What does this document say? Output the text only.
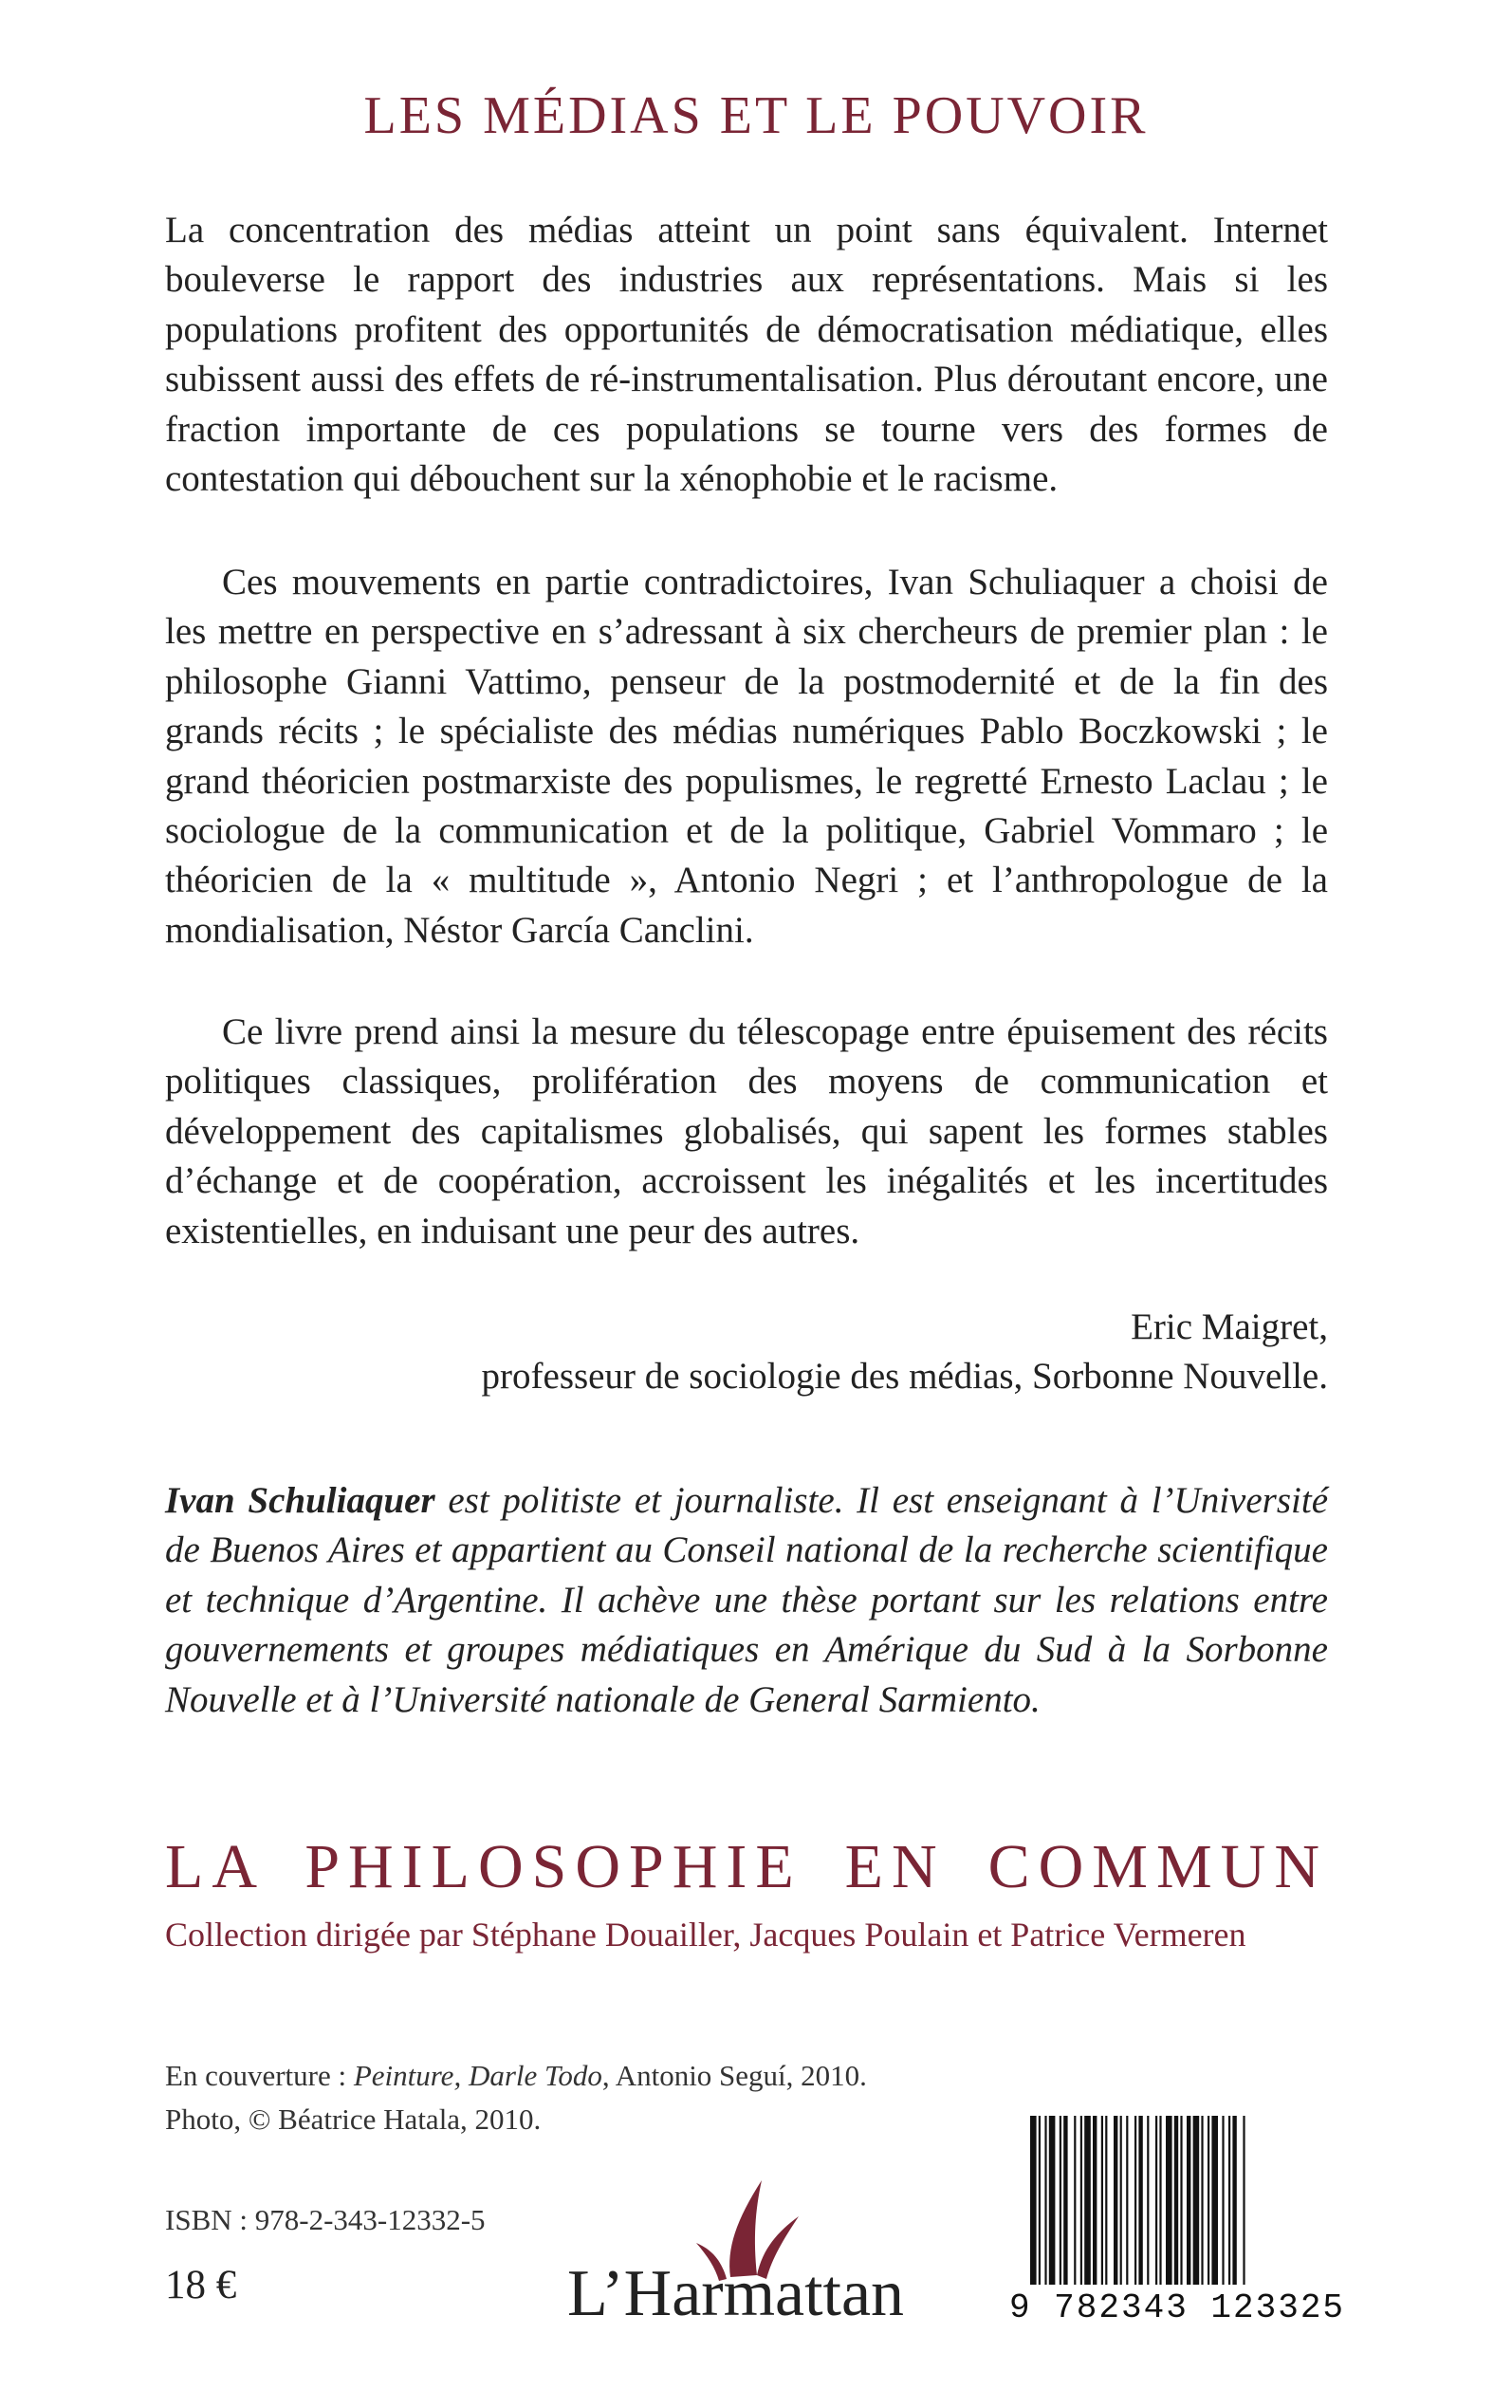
LES MÉDIAS ET LE POUVOIR

La concentration des médias atteint un point sans équivalent. Internet bouleverse le rapport des industries aux représentations. Mais si les populations profitent des opportunités de démocratisation médiatique, elles subissent aussi des effets de ré-instrumentalisation. Plus déroutant encore, une fraction importante de ces populations se tourne vers des formes de contestation qui débouchent sur la xénophobie et le racisme.

Ces mouvements en partie contradictoires, Ivan Schuliaquer a choisi de les mettre en perspective en s’adressant à six chercheurs de premier plan : le philosophe Gianni Vattimo, penseur de la postmodernité et de la fin des grands récits ; le spécialiste des médias numériques Pablo Boczkowski ; le grand théoricien postmarxiste des populismes, le regretté Ernesto Laclau ; le sociologue de la communication et de la politique, Gabriel Vommaro ; le théoricien de la « multitude », Antonio Negri ; et l’anthropologue de la mondialisation, Néstor García Canclini.

Ce livre prend ainsi la mesure du télescopage entre épuisement des récits politiques classiques, prolifération des moyens de communication et développement des capitalismes globalisés, qui sapent les formes stables d’échange et de coopération, accroissent les inégalités et les incertitudes existentielles, en induisant une peur des autres.

Eric Maigret,
professeur de sociologie des médias, Sorbonne Nouvelle.

Ivan Schuliaquer est politiste et journaliste. Il est enseignant à l’Université de Buenos Aires et appartient au Conseil national de la recherche scientifique et technique d’Argentine. Il achève une thèse portant sur les relations entre gouvernements et groupes médiatiques en Amérique du Sud à la Sorbonne Nouvelle et à l’Université nationale de General Sarmiento.

LA PHILOSOPHIE EN COMMUN
Collection dirigée par Stéphane Douailler, Jacques Poulain et Patrice Vermeren
En couverture : Peinture, Darle Todo, Antonio Seguí, 2010.
Photo, © Béatrice Hatala, 2010.
ISBN : 978-2-343-12332-5
18 €	L’Harmattan	9 782343 123325
